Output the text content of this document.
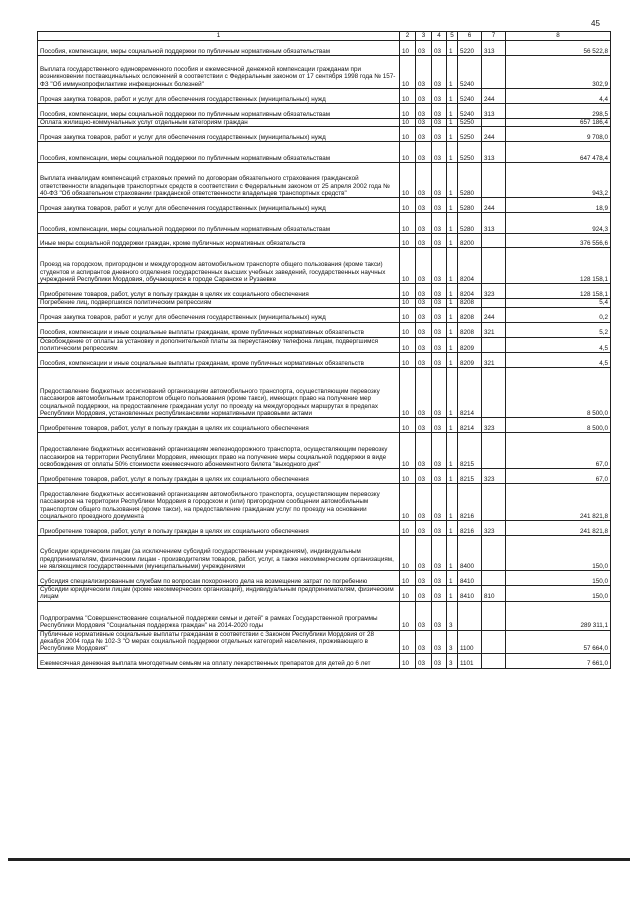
45
1	2	3	4	5	6	7	8
Пособия, компенсации, меры социальной поддержки по публичным нормативным обязательствам	10	03	03	1	5220	313	56 522,8
Выплата государственного единовременного пособия и ежемесячной денежной компенсации гражданам при возникновении поствакцинальных осложнений в соответствии с Федеральным законом от 17 сентября 1998 года № 157-ФЗ "Об иммунопрофилактике инфекционных болезней"	10	03	03	1	5240		302,9
Прочая закупка товаров, работ и услуг для обеспечения государственных (муниципальных) нужд	10	03	03	1	5240	244	4,4
Пособия, компенсации, меры социальной поддержки по публичным нормативным обязательствам	10	03	03	1	5240	313	298,5
Оплата жилищно-коммунальных услуг отдельным категориям граждан	10	03	03	1	5250		657 186,4
Прочая закупка товаров, работ и услуг для обеспечения государственных (муниципальных) нужд	10	03	03	1	5250	244	9 708,0
Пособия, компенсации, меры социальной поддержки по публичным нормативным обязательствам	10	03	03	1	5250	313	647 478,4
Выплата инвалидам компенсаций страховых премий по договорам обязательного страхования гражданской ответственности владельцев транспортных средств в соответствии с Федеральным законом от 25 апреля 2002 года № 40-ФЗ "Об обязательном страховании гражданской ответственности владельцев транспортных средств"	10	03	03	1	5280		943,2
Прочая закупка товаров, работ и услуг для обеспечения государственных (муниципальных) нужд	10	03	03	1	5280	244	18,9
Пособия, компенсации, меры социальной поддержки по публичным нормативным обязательствам	10	03	03	1	5280	313	924,3
Иные меры социальной поддержки граждан, кроме публичных нормативных обязательств	10	03	03	1	8200		376 556,6
Проезд на городском, пригородном и междугородном автомобильном транспорте общего пользования (кроме такси) студентов и аспирантов дневного отделения государственных высших учебных заведений, государственных научных учреждений Республики Мордовия, обучающихся в городе Саранске и Рузаевке	10	03	03	1	8204		128 158,1
Приобретение товаров, работ, услуг в пользу граждан в целях их социального обеспечения	10	03	03	1	8204	323	128 158,1
Погребение лиц, подвергшихся политическим репрессиям	10	03	03	1	8208		5,4
Прочая закупка товаров, работ и услуг для обеспечения государственных (муниципальных) нужд	10	03	03	1	8208	244	0,2
Пособия, компенсации и иные социальные выплаты гражданам, кроме публичных нормативных обязательств	10	03	03	1	8208	321	5,2
Освобождение от оплаты за установку и дополнительной платы за переустановку телефона лицам, подвергшимся политическим репрессиям	10	03	03	1	8209		4,5
Пособия, компенсации и иные социальные выплаты гражданам, кроме публичных нормативных обязательств	10	03	03	1	8209	321	4,5
Предоставление бюджетных ассигнований организациям автомобильного транспорта, осуществляющим перевозку пассажиров автомобильным транспортом общего пользования (кроме такси), имеющих право на получение мер социальной поддержки, на предоставление гражданам услуг по проезду на междугородных маршрутах в пределах Республики Мордовия, установленных республиканскими нормативными правовыми актами	10	03	03	1	8214		8 500,0
Приобретение товаров, работ, услуг в пользу граждан в целях их социального обеспечения	10	03	03	1	8214	323	8 500,0
Предоставление бюджетных ассигнований организациям железнодорожного транспорта, осуществляющим перевозку пассажиров на территории Республики Мордовия, имеющих право на получение меры социальной поддержки в виде освобождения от оплаты 50% стоимости ежемесячного абонементного билета "выходного дня"	10	03	03	1	8215		67,0
Приобретение товаров, работ, услуг в пользу граждан в целях их социального обеспечения	10	03	03	1	8215	323	67,0
Предоставление бюджетных ассигнований организациям автомобильного транспорта, осуществляющим перевозку пассажиров на территории Республики Мордовия в городском и (или) пригородном сообщении автомобильным транспортом общего пользования (кроме такси), на предоставление гражданам услуг по проезду на основании социального проездного документа	10	03	03	1	8216		241 821,8
Приобретение товаров, работ, услуг в пользу граждан в целях их социального обеспечения	10	03	03	1	8216	323	241 821,8
Субсидии юридическим лицам (за исключением субсидий государственным учреждениям), индивидуальным предпринимателям, физическим лицам - производителям товаров, работ, услуг, а также некоммерческим организациям, не являющимся государственными (муниципальными) учреждениями	10	03	03	1	8400		150,0
Субсидия специализированным службам по вопросам похоронного дела на возмещение затрат по погребению	10	03	03	1	8410		150,0
Субсидии юридическим лицам (кроме некоммерческих организаций), индивидуальным предпринимателям, физическим лицам	10	03	03	1	8410	810	150,0
Подпрограмма "Совершенствование социальной поддержки семьи и детей" в рамках Государственной программы Республики Мордовия "Социальная поддержка граждан" на 2014-2020 годы	10	03	03	3			289 311,1
Публичные нормативные социальные выплаты гражданам в соответствии с Законом Республики Мордовия от 28 декабря 2004 года № 102-З "О мерах социальной поддержки отдельных категорий населения, проживающего в Республике Мордовия"	10	03	03	3	1100		57 664,0
Ежемесячная денежная выплата многодетным семьям на оплату лекарственных препаратов для детей до 6 лет	10	03	03	3	1101		7 661,0
